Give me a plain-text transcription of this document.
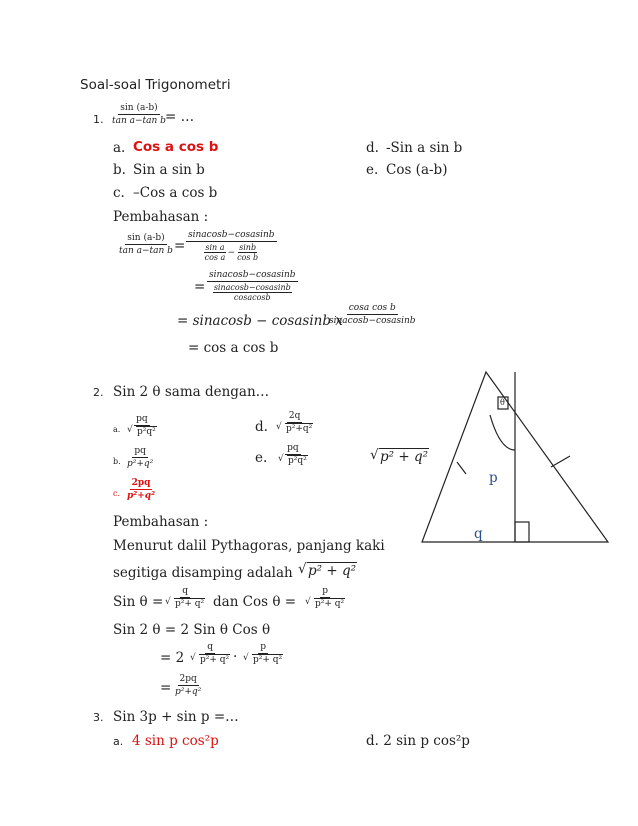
Soal-soal Trigonometri
1. $\frac{\sin (a-b)}{\text{tan a−tan b}}$
= …
a. Cos a cos b
b. Sin a sin b
c. –Cos a cos b
d. -Sin a sin b
e. Cos (a-b)
Pembahasan :
$\frac{\sin (a-b)}{\text{tan a−tan b}} = \frac{\text{sinacosb−cosasinb}}{\frac{\text{sin a}}{\text{cos a}} - \frac{\sin b}{\text{cos b}}}$
= $\frac{\text{sinacosb−cosasinb}}{\frac{\text{sinacosb−cosasinb}}{\text{cosacosb}}}$
= sinacosb − cosasinb x
$\frac{\text{cosa cos b}}{\text{sinacosb−cosasinb}}$
= cos a cos b
2. Sin 2 θ sama dengan…
a. pq
√ p²q²	d. 2q
√ p²+q²
b. $\frac{pq}{\text{p²+q²}}$	e. pq
√ p²q²	√ p² + q²
c. $\frac{2pq}{\text{p²+q²}}$
Pembahasan :
Menurut dalil Pythagoras, panjang kaki
segitiga disamping adalah	√ p² + q²
Sin θ = q
√ p²+ q² dan Cos θ = p
√ p²+ q²
Sin 2 θ = 2 Sin θ Cos θ
= 2 q
√ p²+ q² · p
√ p²+ q²
= $\frac{2pq}{\text{p²+q²}}$
θ
p
q
3. Sin 3p + sin p =…
a. 4 sin p cos²p	d. 2 sin p cos²p
